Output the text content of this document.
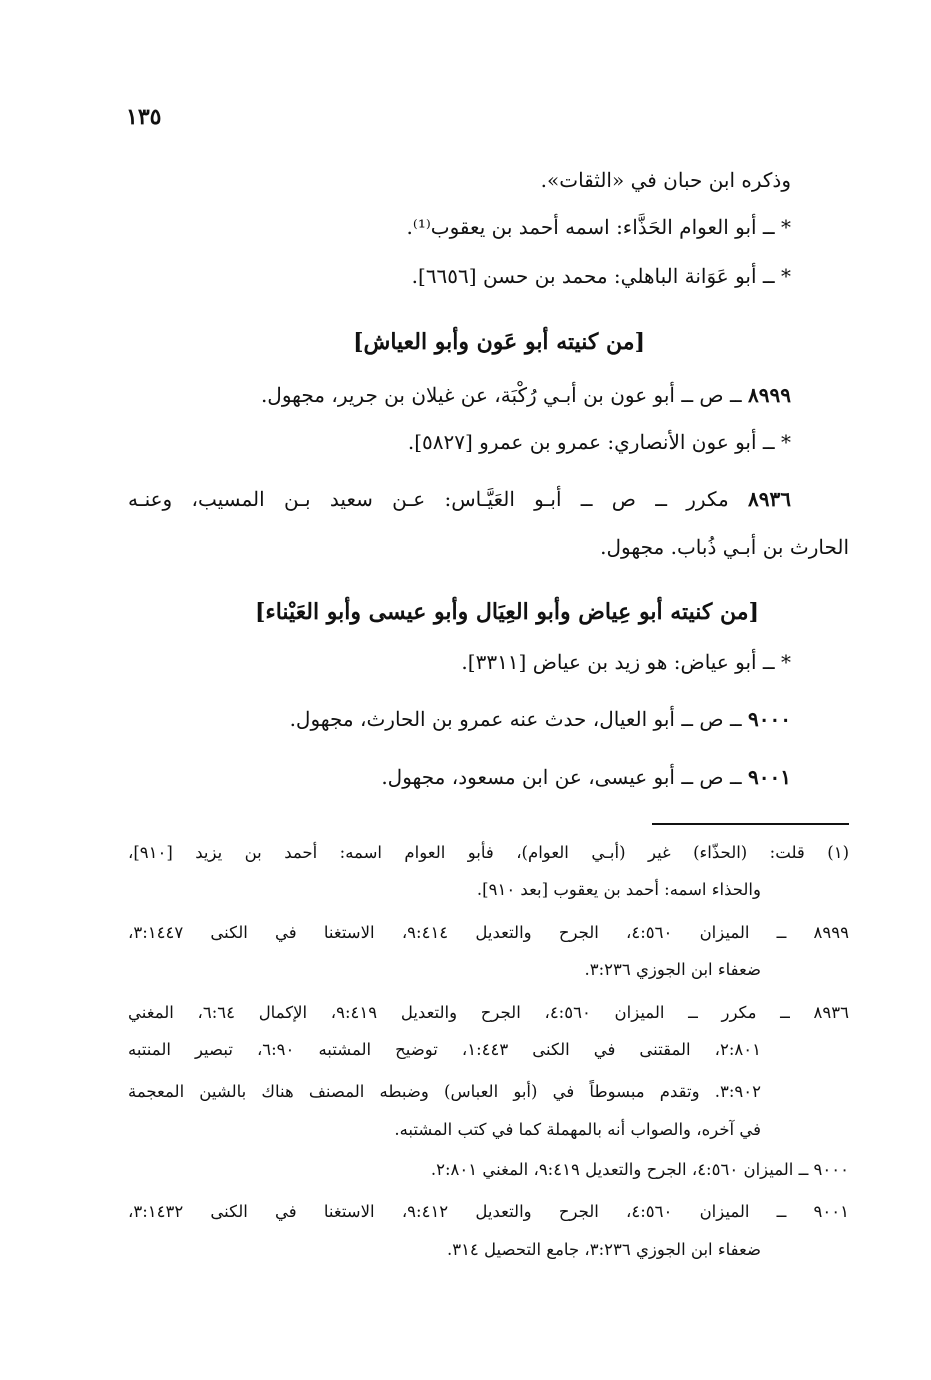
١٣٥
وذكره ابن حبان في «الثقات».
* ــ أبو العوام الحَذَّاء: اسمه أحمد بن يعقوب⁽¹⁾.
* ــ أبو عَوَانة الباهلي: محمد بن حسن [٦٦٥٦].
[من كنيته أبو عَون وأبو العياش]
٨٩٩٩ ــ ص ــ أبو عون بن أبـي رُكْبَة، عن غيلان بن جرير، مجهول.
* ــ أبو عون الأنصاري: عمرو بن عمرو [٥٨٢٧].
٨٩٣٦ مكرر ــ ص ــ أبـو العَيَّـاس: عـن سعيد بـن المسيب، وعنـه
الحارث بن أبـي ذُباب. مجهول.
[من كنيته أبو عِياض وأبو العِيَال وأبو عيسى وأبو العَيْناء]
* ــ أبو عياض: هو زيد بن عياض [٣٣١١].
٩٠٠٠ ــ ص ــ أبو العيال، حدث عنه عمرو بن الحارث، مجهول.
٩٠٠١ ــ ص ــ أبو عيسى، عن ابن مسعود، مجهول.
(١) قلت: (الحذّاء) غير (أبـي العوام)، فأبو العوام اسمه: أحمد بن يزيد [٩١٠]،
والحذاء اسمه: أحمد بن يعقوب [بعد ٩١٠].
٨٩٩٩ ــ الميزان ٤:٥٦٠، الجرح والتعديل ٩:٤١٤، الاستغنا في الكنى ٣:١٤٤٧،
ضعفاء ابن الجوزي ٣:٢٣٦.
٨٩٣٦ ــ مكرر ــ الميزان ٤:٥٦٠، الجرح والتعديل ٩:٤١٩، الإكمال ٦:٦٤، المغني
٢:٨٠١، المقتنى في الكنى ١:٤٤٣، توضيح المشتبه ٦:٩٠، تبصير المنتبه
٣:٩٠٢. وتقدم مبسوطاً في (أبو العباس) وضبطه المصنف هناك بالشين المعجمة
في آخره، والصواب أنه بالمهملة كما في كتب المشتبه.
٩٠٠٠ ــ الميزان ٤:٥٦٠، الجرح والتعديل ٩:٤١٩، المغني ٢:٨٠١.
٩٠٠١ ــ الميزان ٤:٥٦٠، الجرح والتعديل ٩:٤١٢، الاستغنا في الكنى ٣:١٤٣٢،
ضعفاء ابن الجوزي ٣:٢٣٦، جامع التحصيل ٣١٤.
